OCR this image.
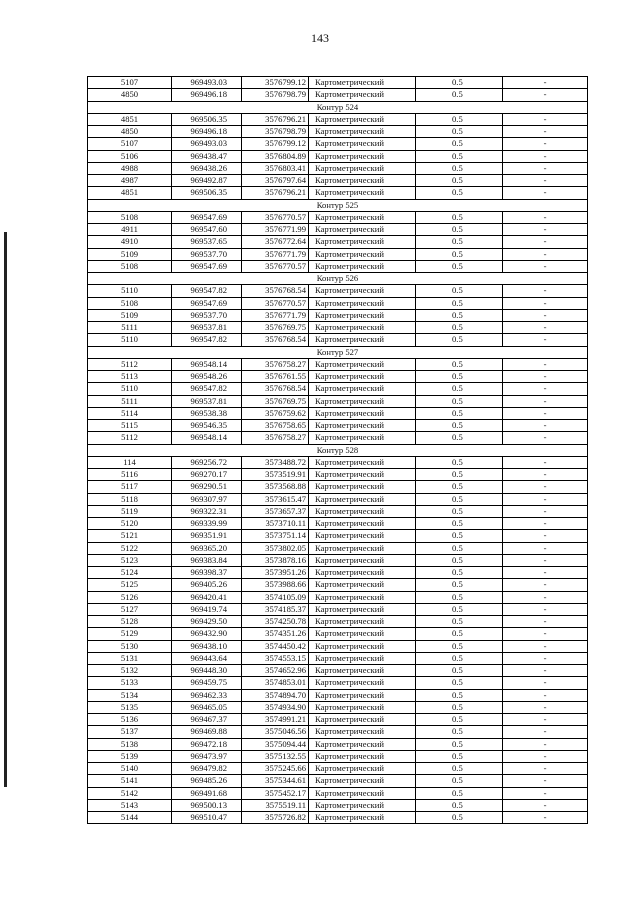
143
5107	969493.03	3576799.12	Картометрический	0.5	-
4850	969496.18	3576798.79	Картометрический	0.5	-
Контур 524					
4851	969506.35	3576796.21	Картометрический	0.5	-
4850	969496.18	3576798.79	Картометрический	0.5	-
5107	969493.03	3576799.12	Картометрический	0.5	-
5106	969438.47	3576804.89	Картометрический	0.5	-
4988	969438.26	3576803.41	Картометрический	0.5	-
4987	969492.87	3576797.64	Картометрический	0.5	-
4851	969506.35	3576796.21	Картометрический	0.5	-
Контур 525					
5108	969547.69	3576770.57	Картометрический	0.5	-
4911	969547.60	3576771.99	Картометрический	0.5	-
4910	969537.65	3576772.64	Картометрический	0.5	-
5109	969537.70	3576771.79	Картометрический	0.5	-
5108	969547.69	3576770.57	Картометрический	0.5	-
Контур 526					
5110	969547.82	3576768.54	Картометрический	0.5	-
5108	969547.69	3576770.57	Картометрический	0.5	-
5109	969537.70	3576771.79	Картометрический	0.5	-
5111	969537.81	3576769.75	Картометрический	0.5	-
5110	969547.82	3576768.54	Картометрический	0.5	-
Контур 527					
5112	969548.14	3576758.27	Картометрический	0.5	-
5113	969548.26	3576761.55	Картометрический	0.5	-
5110	969547.82	3576768.54	Картометрический	0.5	-
5111	969537.81	3576769.75	Картометрический	0.5	-
5114	969538.38	3576759.62	Картометрический	0.5	-
5115	969546.35	3576758.65	Картометрический	0.5	-
5112	969548.14	3576758.27	Картометрический	0.5	-
Контур 528					
114	969256.72	3573488.72	Картометрический	0.5	-
5116	969270.17	3573519.91	Картометрический	0.5	-
5117	969290.51	3573568.88	Картометрический	0.5	-
5118	969307.97	3573615.47	Картометрический	0.5	-
5119	969322.31	3573657.37	Картометрический	0.5	-
5120	969339.99	3573710.11	Картометрический	0.5	-
5121	969351.91	3573751.14	Картометрический	0.5	-
5122	969365.20	3573802.05	Картометрический	0.5	-
5123	969383.84	3573878.16	Картометрический	0.5	-
5124	969398.37	3573951.26	Картометрический	0.5	-
5125	969405.26	3573988.66	Картометрический	0.5	-
5126	969420.41	3574105.09	Картометрический	0.5	-
5127	969419.74	3574185.37	Картометрический	0.5	-
5128	969429.50	3574250.78	Картометрический	0.5	-
5129	969432.90	3574351.26	Картометрический	0.5	-
5130	969438.10	3574450.42	Картометрический	0.5	-
5131	969443.64	3574553.15	Картометрический	0.5	-
5132	969448.30	3574652.96	Картометрический	0.5	-
5133	969459.75	3574853.01	Картометрический	0.5	-
5134	969462.33	3574894.70	Картометрический	0.5	-
5135	969465.05	3574934.90	Картометрический	0.5	-
5136	969467.37	3574991.21	Картометрический	0.5	-
5137	969469.88	3575046.56	Картометрический	0.5	-
5138	969472.18	3575094.44	Картометрический	0.5	-
5139	969473.97	3575132.55	Картометрический	0.5	-
5140	969479.82	3575245.66	Картометрический	0.5	-
5141	969485.26	3575344.61	Картометрический	0.5	-
5142	969491.68	3575452.17	Картометрический	0.5	-
5143	969500.13	3575519.11	Картометрический	0.5	-
5144	969510.47	3575726.82	Картометрический	0.5	-
